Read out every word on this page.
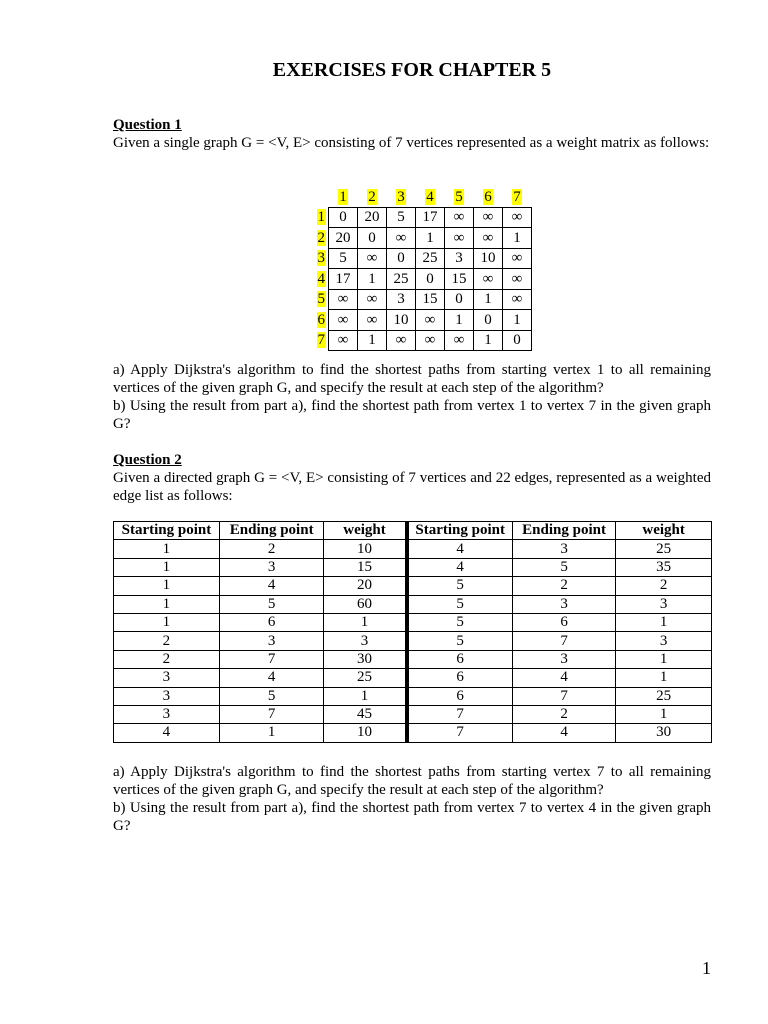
EXERCISES FOR CHAPTER 5
Question 1

Given a single graph G = <V, E> consisting of 7 vertices represented as a weight matrix as follows:

	1	2	3	4	5	6	7
1	0	20	5	17	∞	∞	∞
2	20	0	∞	1	∞	∞	1
3	5	∞	0	25	3	10	∞
4	17	1	25	0	15	∞	∞
5	∞	∞	3	15	0	1	∞
6	∞	∞	10	∞	1	0	1
7	∞	1	∞	∞	∞	1	0

a) Apply Dijkstra's algorithm to find the shortest paths from starting vertex 1 to all remaining vertices of the given graph G, and specify the result at each step of the algorithm?

b) Using the result from part a), find the shortest path from vertex 1 to vertex 7 in the given graph G?

Question 2

Given a directed graph G = <V, E> consisting of 7 vertices and 22 edges, represented as a weighted edge list as follows:

Starting point	Ending point	weight	Starting point	Ending point	weight
1	2	10	4	3	25
1	3	15	4	5	35
1	4	20	5	2	2
1	5	60	5	3	3
1	6	1	5	6	1
2	3	3	5	7	3
2	7	30	6	3	1
3	4	25	6	4	1
3	5	1	6	7	25
3	7	45	7	2	1
4	1	10	7	4	30

a) Apply Dijkstra's algorithm to find the shortest paths from starting vertex 7 to all remaining vertices of the given graph G, and specify the result at each step of the algorithm?

b) Using the result from part a), find the shortest path from vertex 7 to vertex 4 in the given graph G?

1
